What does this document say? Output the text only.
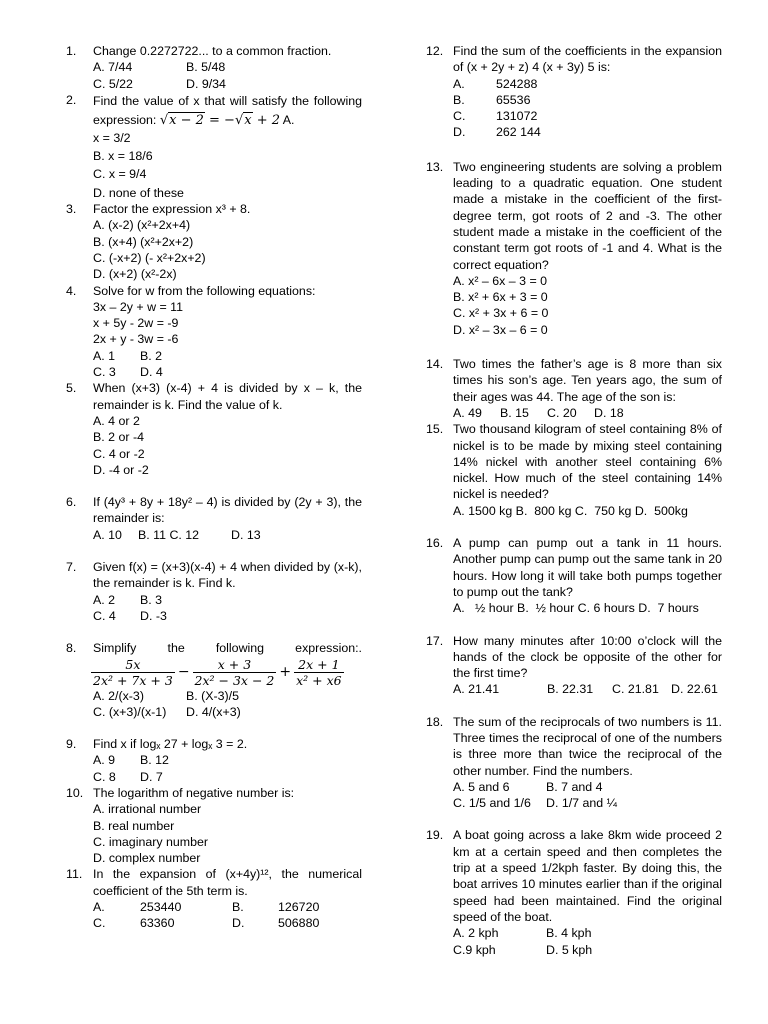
1.	Change 0.2272722... to a common fraction.
A. 7/44	B. 5/48
C. 5/22	D. 9/34
2.	Find the value of x that will satisfy the following expression: √x − 2 = −√x + 2 A.
x = 3/2
B. x = 18/6
C. x = 9/4
D. none of these
3.	Factor the expression x³ + 8.
A. (x-2) (x²+2x+4)
B. (x+4) (x²+2x+2)
C. (-x+2) (- x²+2x+2)
D. (x+2) (x²-2x)
4.	Solve for w from the following equations:
3x – 2y + w = 11
x + 5y - 2w = -9
2x + y - 3w = -6
A. 1	B. 2
C. 3	D. 4
5.	When (x+3) (x-4) + 4 is divided by x – k, the remainder is k. Find the value of k.
A. 4 or 2
B. 2 or -4
C. 4 or -2
D. -4 or -2
6.	If (4y³ + 8y + 18y² – 4) is divided by (2y + 3), the remainder is:
A. 10	B. 11 C. 12	D. 13
7.	Given f(x) = (x+3)(x-4) + 4 when divided by (x-k), the remainder is k. Find k.
A. 2	B. 3
C. 4	D. -3
8.	Simplify the following expression:.
$\frac{5x}{\text{2x² + 7x + 3}} - \frac{x + 3}{\text{2x² − 3x − 2}} + \frac{2x + 1}{\text{x² + x6}}$
A. 2/(x-3)	B. (X-3)/5
C. (x+3)/(x-1)	D. 4/(x+3)
9.	Find x if logₓ 27 + logₓ 3 = 2.
A. 9	B. 12
C. 8	D. 7
10. The logarithm of negative number is:
A. irrational number
B. real number
C. imaginary number
D. complex number
11. In the expansion of (x+4y)¹², the numerical coefficient of the 5th term is.
A.	253440	B.	126720
C.	63360	D.	506880
12. Find the sum of the coefficients in the expansion of (x + 2y + z) 4 (x + 3y) 5 is:
A.	524288
B.	65536
C.	131072
D.	262 144
13. Two engineering students are solving a problem leading to a quadratic equation. One student made a mistake in the coefficient of the first-degree term, got roots of 2 and -3. The other student made a mistake in the coefficient of the constant term got roots of -1 and 4. What is the correct equation?
A. x² – 6x – 3 = 0
B. x² + 6x + 3 = 0
C. x² + 3x + 6 = 0
D. x² – 3x – 6 = 0
14. Two times the father’s age is 8 more than six times his son’s age. Ten years ago, the sum of their ages was 44. The age of the son is:
A. 49	B. 15	C. 20	D. 18
15. Two thousand kilogram of steel containing 8% of nickel is to be made by mixing steel containing 14% nickel with another steel containing 6% nickel. How much of the steel containing 14% nickel is needed?
A. 1500 kg B.  800 kg C.  750 kg D.  500kg
16. A pump can pump out a tank in 11 hours. Another pump can pump out the same tank in 20 hours. How long it will take both pumps together to pump out the tank?
A.   ½ hour B.  ½ hour C. 6 hours D.  7 hours
17. How many minutes after 10:00 o’clock will the hands of the clock be opposite of the other for the first time?
A. 21.41	B. 22.31	C. 21.81 D. 22.61
18. The sum of the reciprocals of two numbers is 11. Three times the reciprocal of one of the numbers is three more than twice the reciprocal of the other number. Find the numbers.
A. 5 and 6	B. 7 and 4
C. 1/5 and 1/6	D. 1/7 and ¼
19. A boat going across a lake 8km wide proceed 2 km at a certain speed and then completes the trip at a speed 1/2kph faster. By doing this, the boat arrives 10 minutes earlier than if the original speed had been maintained. Find the original speed of the boat.
A. 2 kph	B. 4 kph
C.9 kph	D. 5 kph
